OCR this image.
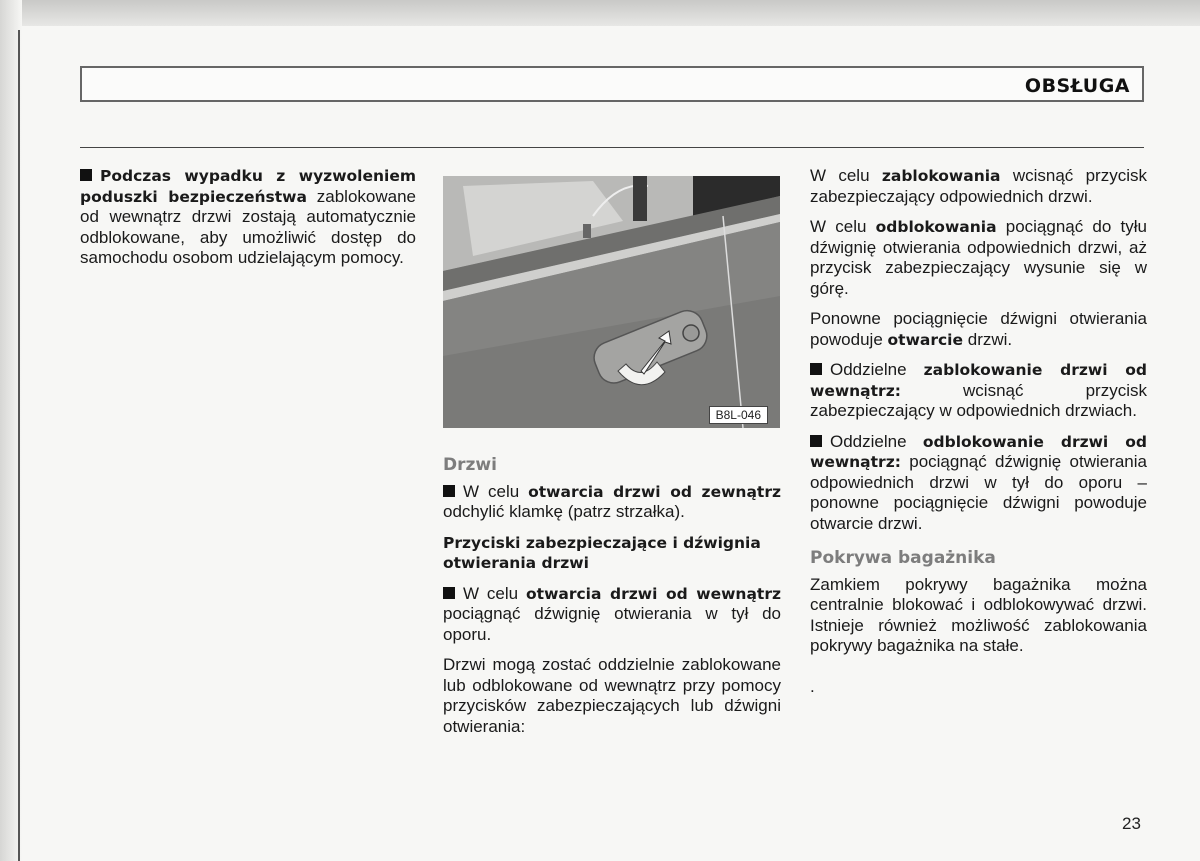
OBSŁUGA

Podczas wypadku z wyzwoleniem poduszki bezpieczeństwa zablokowane od wewnątrz drzwi zostają automatycznie odblokowane, aby umożliwić dostęp do samochodu osobom udzielającym pomocy.

B8L-046
Drzwi

W celu otwarcia drzwi od zewnątrz odchylić klamkę (patrz strzałka).

Przyciski zabezpieczające i dźwignia otwierania drzwi

W celu otwarcia drzwi od wewnątrz pociągnąć dźwignię otwierania w tył do oporu.

Drzwi mogą zostać oddzielnie zablokowane lub odblokowane od wewnątrz przy pomocy przycisków zabezpieczających lub dźwigni otwierania:

W celu zablokowania wcisnąć przycisk zabezpieczający odpowiednich drzwi.

W celu odblokowania pociągnąć do tyłu dźwignię otwierania odpowiednich drzwi, aż przycisk zabezpieczający wysunie się w górę.

Ponowne pociągnięcie dźwigni otwierania powoduje otwarcie drzwi.

Oddzielne zablokowanie drzwi od wewnątrz: wcisnąć przycisk zabezpieczający w odpowiednich drzwiach.

Oddzielne odblokowanie drzwi od wewnątrz: pociągnąć dźwignię otwierania odpowiednich drzwi w tył do oporu – ponowne pociągnięcie dźwigni powoduje otwarcie drzwi.

Pokrywa bagażnika

Zamkiem pokrywy bagażnika można centralnie blokować i odblokowywać drzwi. Istnieje również możliwość zablokowania pokrywy bagażnika na stałe.

.

23
